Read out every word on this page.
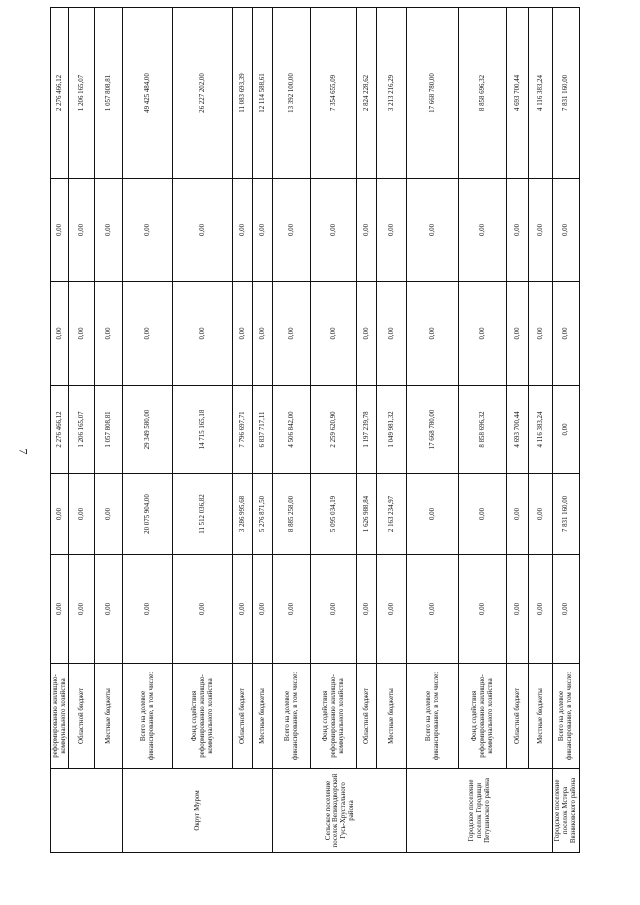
7
	реформированию жилищно-коммунального хозяйства	0,00	0,00	2 276 466,12	0,00	0,00	2 276 466,12
	Областной бюджет	0,00	0,00	1 206 165,07	0,00	0,00	1 206 165,07
	Местные бюджеты	0,00	0,00	1 057 808,81	0,00	0,00	1 057 808,81
Округ Муром	Всего на долевое финансирование, в том числе:	0,00	20 075 904,00	29 349 580,00	0,00	0,00	49 425 484,00
	Фонд содействия реформированию жилищно-коммунального хозяйства	0,00	11 512 036,82	14 715 165,18	0,00	0,00	26 227 202,00
	Областной бюджет	0,00	3 286 995,68	7 796 697,71	0,00	0,00	11 083 693,39
	Местные бюджеты	0,00	5 276 871,50	6 837 717,11	0,00	0,00	12 114 588,61
Сельское поселение поселок Великодворский Гусь-Хрустального района	Всего на долевое финансирование, в том числе:	0,00	8 885 258,00	4 506 842,00	0,00	0,00	13 392 100,00
	Фонд содействия реформированию жилищно-коммунального хозяйства	0,00	5 095 034,19	2 259 620,90	0,00	0,00	7 354 655,09
	Областной бюджет	0,00	1 626 988,84	1 197 239,78	0,00	0,00	2 824 228,62
	Местные бюджеты	0,00	2 163 234,97	1 049 981,32	0,00	0,00	3 213 216,29
Городское поселение поселок Городищи Петушинского района	Всего на долевое финансирование, в том числе:	0,00	0,00	17 668 780,00	0,00	0,00	17 668 780,00
	Фонд содействия реформированию жилищно-коммунального хозяйства	0,00	0,00	8 858 696,32	0,00	0,00	8 858 696,32
	Областной бюджет	0,00	0,00	4 693 700,44	0,00	0,00	4 693 700,44
	Местные бюджеты	0,00	0,00	4 116 383,24	0,00	0,00	4 116 383,24
Городское поселение поселок Мстера Вязниковского района	Всего на долевое финансирование, в том числе:	0,00	7 831 160,00	0,00	0,00	0,00	7 831 160,00
